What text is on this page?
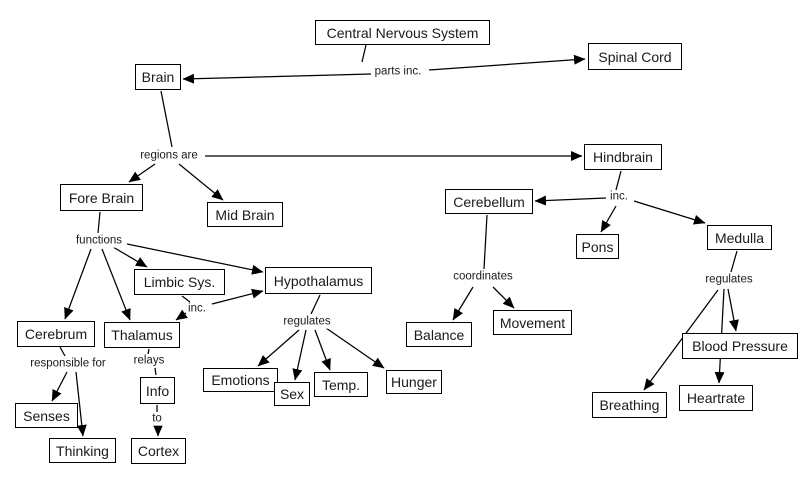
Central Nervous System
Spinal Cord
Brain
Fore Brain
Mid Brain
Hindbrain
Cerebellum
Pons
Medulla
Limbic Sys.	Hypothalamus
Cerebrum	Thalamus
Emotions
Sex
Temp.	Hunger
Senses
Thinking
Info
Cortex
Balance
Movement
Blood Pressure
Breathing	Heartrate
parts inc.
regions are
functions
inc.
regulates
responsible for relays
to
inc.
coordinates	regulates
